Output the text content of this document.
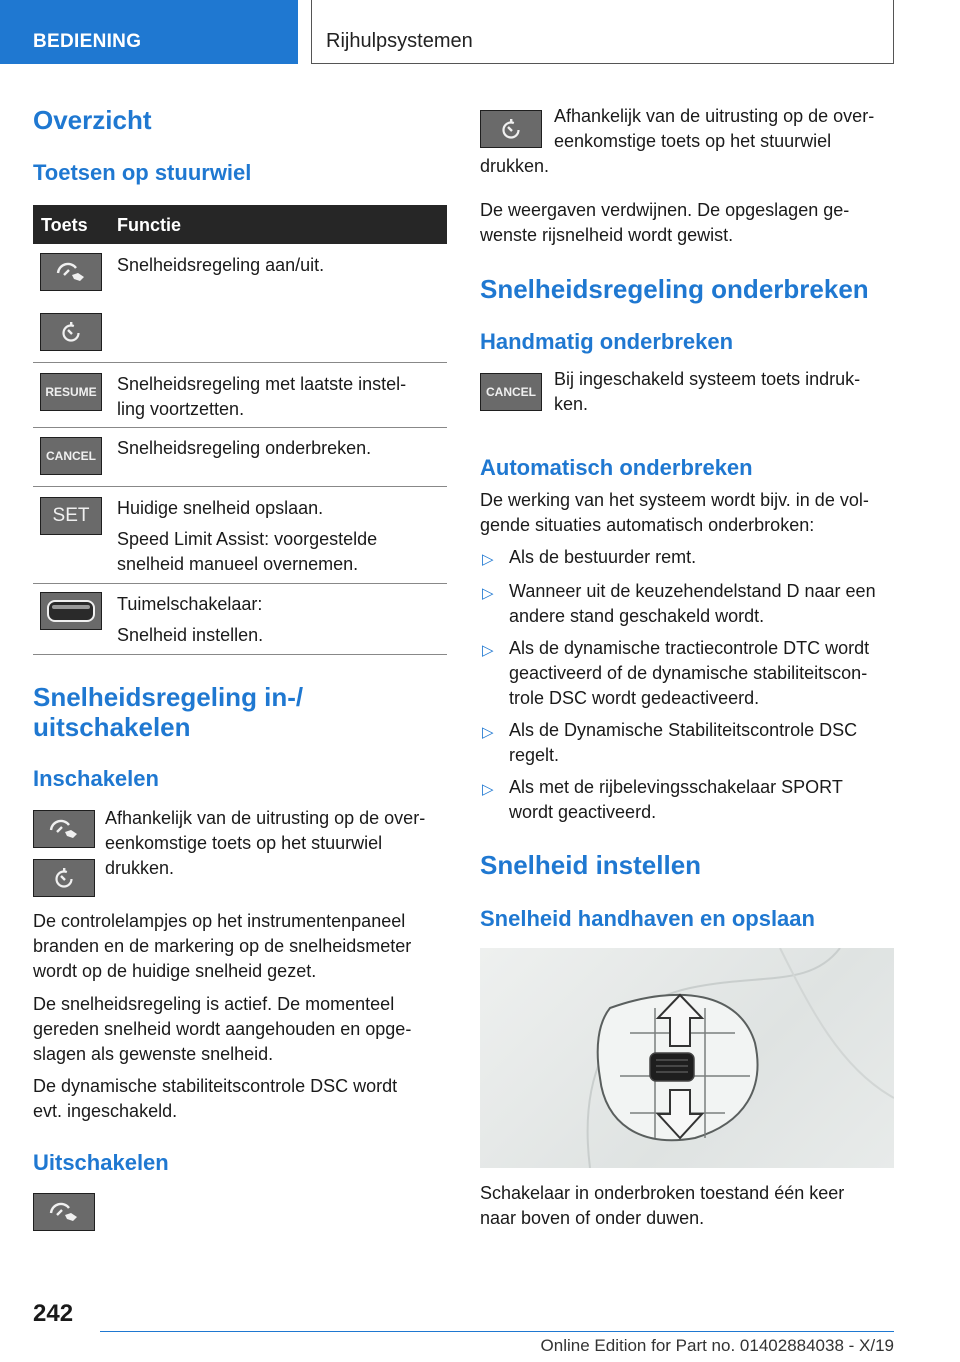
BEDIENING	Rijhulpsystemen
Overzicht
Toetsen op stuurwiel
Toets Functie
Snelheidsregeling aan/uit.
RESUME Snelheidsregeling met laatste instel-
ling voortzetten.
CANCEL Snelheidsregeling onderbreken.
SET Huidige snelheid opslaan.
Speed Limit Assist: voorgestelde
snelheid manueel overnemen.
Tuimelschakelaar:
Snelheid instellen.
Snelheidsregeling in-/
uitschakelen
Inschakelen
Afhankelijk van de uitrusting op de over-
eenkomstige toets op het stuurwiel
drukken.
De controlelampjes op het instrumentenpaneel
branden en de markering op de snelheidsmeter
wordt op de huidige snelheid gezet.
De snelheidsregeling is actief. De momenteel
gereden snelheid wordt aangehouden en opge-
slagen als gewenste snelheid.
De dynamische stabiliteitscontrole DSC wordt
evt. ingeschakeld.
Uitschakelen
Afhankelijk van de uitrusting op de over-
eenkomstige toets op het stuurwiel
drukken.
De weergaven verdwijnen. De opgeslagen ge-
wenste rijsnelheid wordt gewist.
Snelheidsregeling onderbreken
Handmatig onderbreken
CANCEL
Bij ingeschakeld systeem toets indruk-
ken.
Automatisch onderbreken
De werking van het systeem wordt bijv. in de vol-
gende situaties automatisch onderbroken:
▷ Als de bestuurder remt.
▷ Wanneer uit de keuzehendelstand D naar een
andere stand geschakeld wordt.
▷ Als de dynamische tractiecontrole DTC wordt
geactiveerd of de dynamische stabiliteitscon-
trole DSC wordt gedeactiveerd.
▷ Als de Dynamische Stabiliteitscontrole DSC
regelt.
▷ Als met de rijbelevingsschakelaar SPORT
wordt geactiveerd.
Snelheid instellen
Snelheid handhaven en opslaan
Schakelaar in onderbroken toestand één keer
naar boven of onder duwen.
242
Online Edition for Part no. 01402884038 - X/19
